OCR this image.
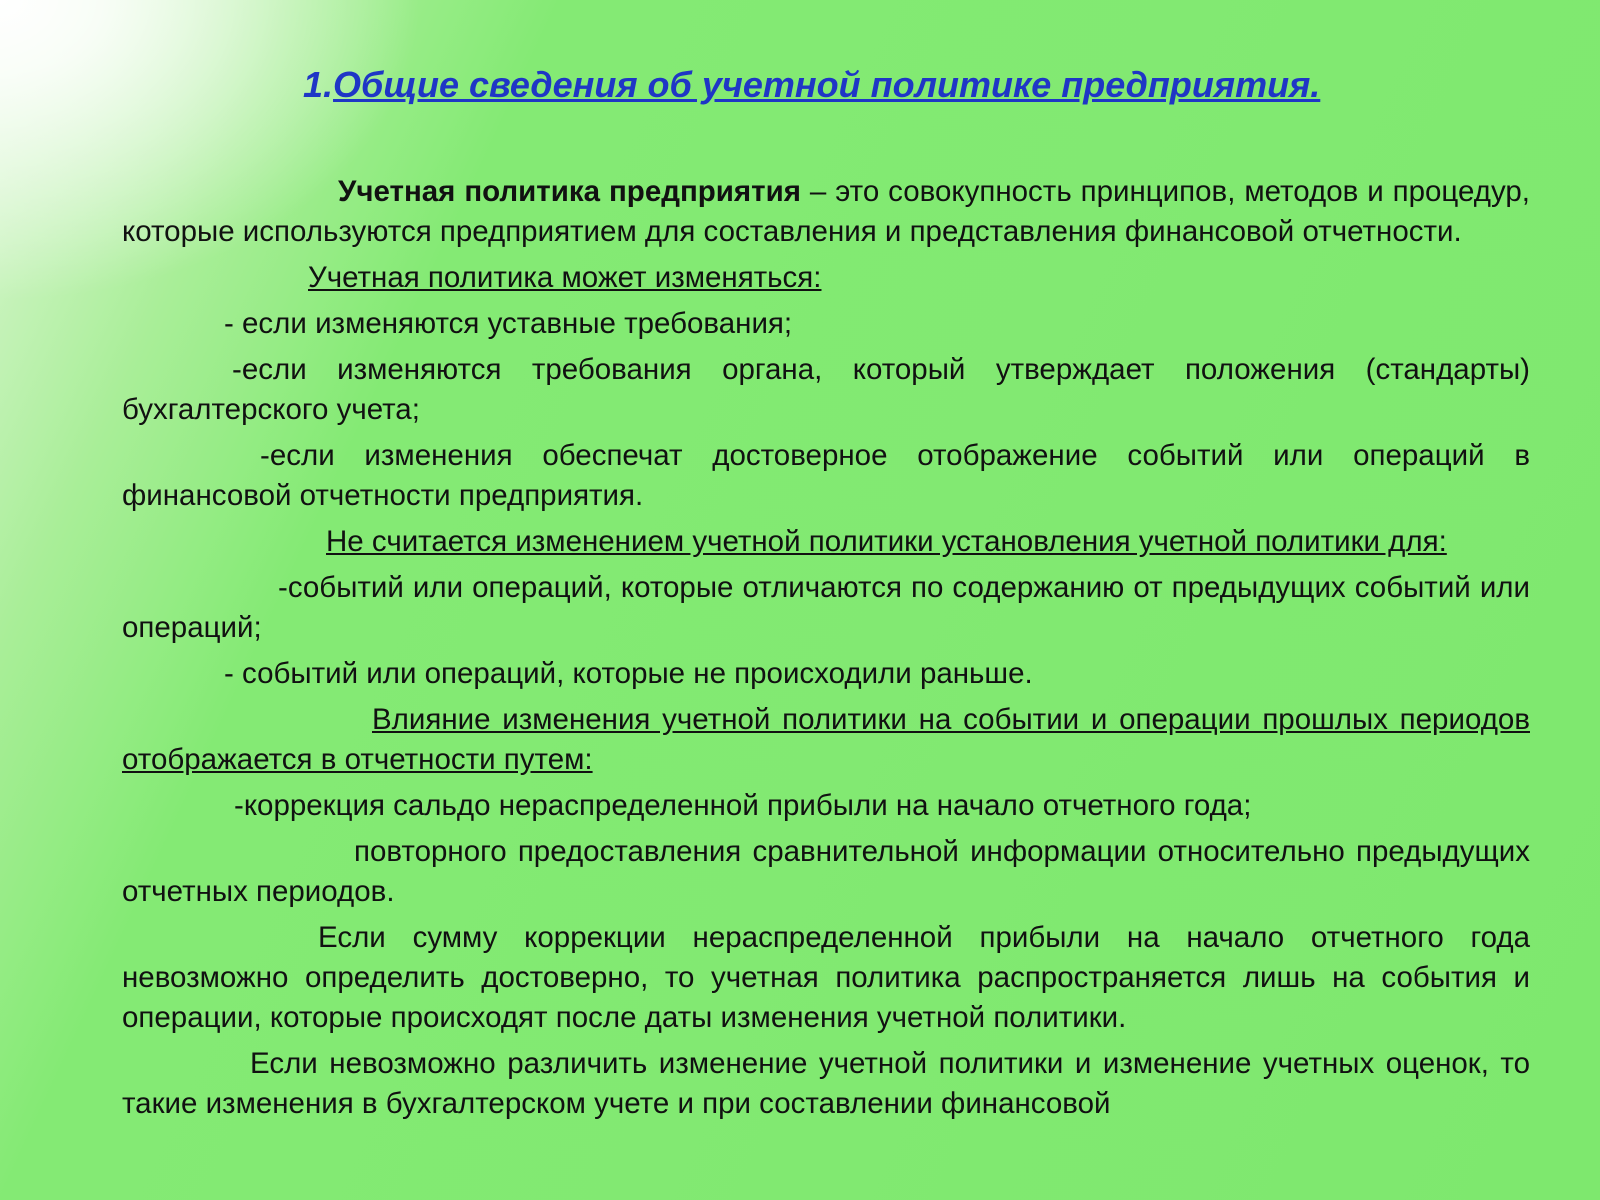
1.Общие сведения об учетной политике предприятия.

Учетная политика предприятия – это совокупность принципов, методов и процедур, которые используются предприятием для составления и представления финансовой отчетности.

Учетная политика может изменяться:

- если изменяются уставные требования;

-если изменяются требования органа, который утверждает положения (стандарты) бухгалтерского учета;

-если изменения обеспечат достоверное отображение событий или операций в финансовой отчетности предприятия.

Не считается изменением учетной политики установления учетной политики для:

-событий или операций, которые отличаются по содержанию от предыдущих событий или операций;

- событий или операций, которые не происходили раньше.

Влияние изменения учетной политики на событии и операции прошлых периодов отображается в отчетности путем:

-коррекция сальдо нераспределенной прибыли на начало отчетного года;

повторного предоставления сравнительной информации относительно предыдущих отчетных периодов.

Если сумму коррекции нераспределенной прибыли на начало отчетного года невозможно определить достоверно, то учетная политика распространяется лишь на события и операции, которые происходят после даты изменения учетной политики.

Если невозможно различить изменение учетной политики и изменение учетных оценок, то такие изменения в бухгалтерском учете и при составлении финансовой
